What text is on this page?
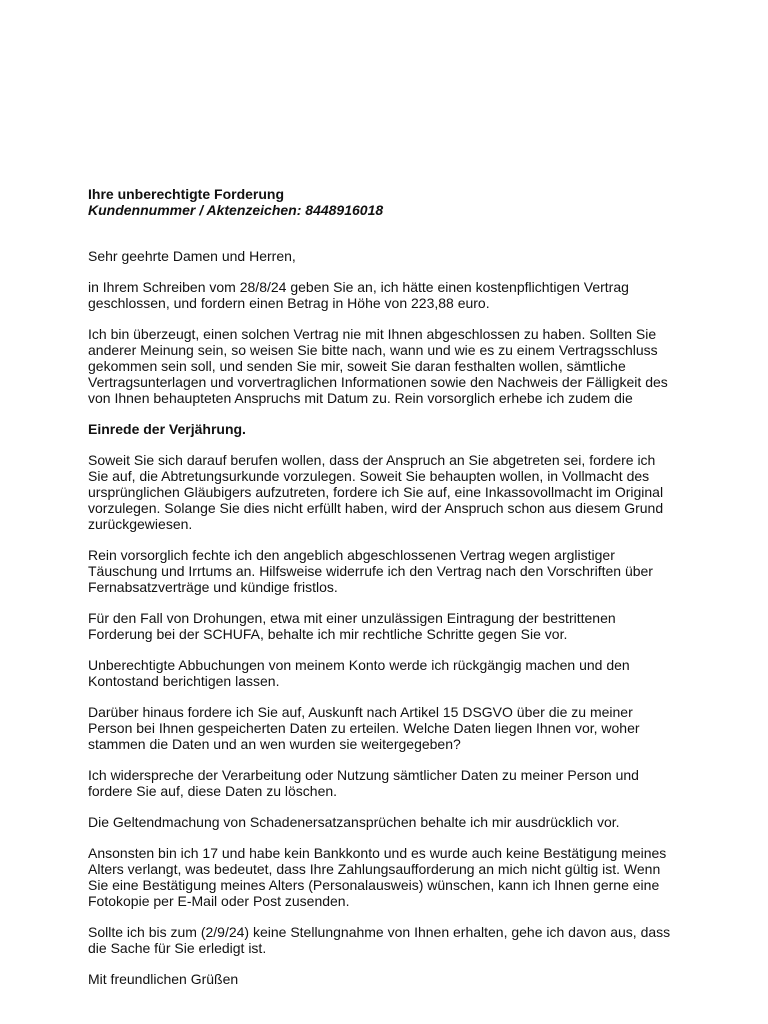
Ihre unberechtigte Forderung

Kundennummer / Aktenzeichen: 8448916018

Sehr geehrte Damen und Herren,

in Ihrem Schreiben vom 28/8/24 geben Sie an, ich hätte einen kostenpflichtigen Vertrag geschlossen, und fordern einen Betrag in Höhe von 223,88 euro.

Ich bin überzeugt, einen solchen Vertrag nie mit Ihnen abgeschlossen zu haben. Sollten Sie anderer Meinung sein, so weisen Sie bitte nach, wann und wie es zu einem Vertragsschluss gekommen sein soll, und senden Sie mir, soweit Sie daran festhalten wollen, sämtliche Vertragsunterlagen und vorvertraglichen Informationen sowie den Nachweis der Fälligkeit des von Ihnen behaupteten Anspruchs mit Datum zu. Rein vorsorglich erhebe ich zudem die

Einrede der Verjährung.

Soweit Sie sich darauf berufen wollen, dass der Anspruch an Sie abgetreten sei, fordere ich Sie auf, die Abtretungsurkunde vorzulegen. Soweit Sie behaupten wollen, in Vollmacht des ursprünglichen Gläubigers aufzutreten, fordere ich Sie auf, eine Inkassovollmacht im Original vorzulegen. Solange Sie dies nicht erfüllt haben, wird der Anspruch schon aus diesem Grund zurückgewiesen.

Rein vorsorglich fechte ich den angeblich abgeschlossenen Vertrag wegen arglistiger Täuschung und Irrtums an. Hilfsweise widerrufe ich den Vertrag nach den Vorschriften über Fernabsatzverträge und kündige fristlos.

Für den Fall von Drohungen, etwa mit einer unzulässigen Eintragung der bestrittenen Forderung bei der SCHUFA, behalte ich mir rechtliche Schritte gegen Sie vor.

Unberechtigte Abbuchungen von meinem Konto werde ich rückgängig machen und den Kontostand berichtigen lassen.

Darüber hinaus fordere ich Sie auf, Auskunft nach Artikel 15 DSGVO über die zu meiner Person bei Ihnen gespeicherten Daten zu erteilen. Welche Daten liegen Ihnen vor, woher stammen die Daten und an wen wurden sie weitergegeben?

Ich widerspreche der Verarbeitung oder Nutzung sämtlicher Daten zu meiner Person und fordere Sie auf, diese Daten zu löschen.

Die Geltendmachung von Schadenersatzansprüchen behalte ich mir ausdrücklich vor.

Ansonsten bin ich 17 und habe kein Bankkonto und es wurde auch keine Bestätigung meines Alters verlangt, was bedeutet, dass Ihre Zahlungsaufforderung an mich nicht gültig ist. Wenn Sie eine Bestätigung meines Alters (Personalausweis) wünschen, kann ich Ihnen gerne eine Fotokopie per E-Mail oder Post zusenden.

Sollte ich bis zum (2/9/24) keine Stellungnahme von Ihnen erhalten, gehe ich davon aus, dass die Sache für Sie erledigt ist.

Mit freundlichen Grüßen
